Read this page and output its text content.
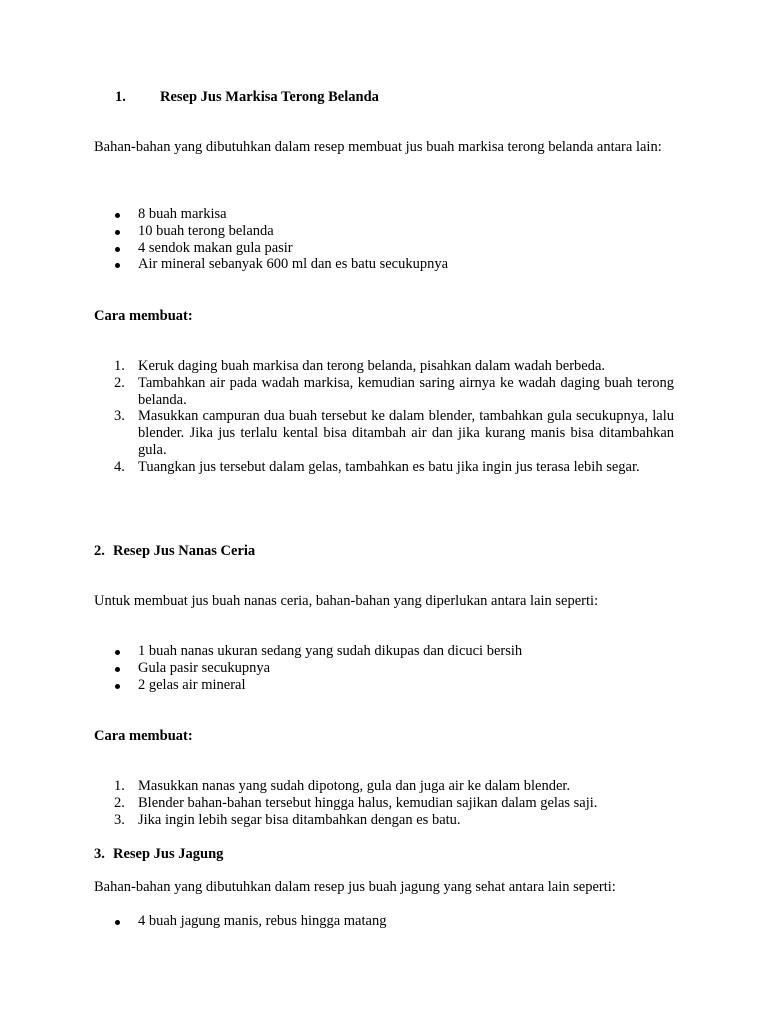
1. Resep Jus Markisa Terong Belanda

Bahan-bahan yang dibutuhkan dalam resep membuat jus buah markisa terong belanda antara lain:

8 buah markisa
10 buah terong belanda
4 sendok makan gula pasir
Air mineral sebanyak 600 ml dan es batu secukupnya
Cara membuat:
1. Keruk daging buah markisa dan terong belanda, pisahkan dalam wadah berbeda.
2. Tambahkan air pada wadah markisa, kemudian saring airnya ke wadah daging buah terong belanda.
3. Masukkan campuran dua buah tersebut ke dalam blender, tambahkan gula secukupnya, lalu blender. Jika jus terlalu kental bisa ditambah air dan jika kurang manis bisa ditambahkan gula.
4. Tuangkan jus tersebut dalam gelas, tambahkan es batu jika ingin jus terasa lebih segar.
2. Resep Jus Nanas Ceria

Untuk membuat jus buah nanas ceria, bahan-bahan yang diperlukan antara lain seperti:

1 buah nanas ukuran sedang yang sudah dikupas dan dicuci bersih
Gula pasir secukupnya
2 gelas air mineral
Cara membuat:
1. Masukkan nanas yang sudah dipotong, gula dan juga air ke dalam blender.
2. Blender bahan-bahan tersebut hingga halus, kemudian sajikan dalam gelas saji.
3. Jika ingin lebih segar bisa ditambahkan dengan es batu.
3. Resep Jus Jagung

Bahan-bahan yang dibutuhkan dalam resep jus buah jagung yang sehat antara lain seperti:

4 buah jagung manis, rebus hingga matang
